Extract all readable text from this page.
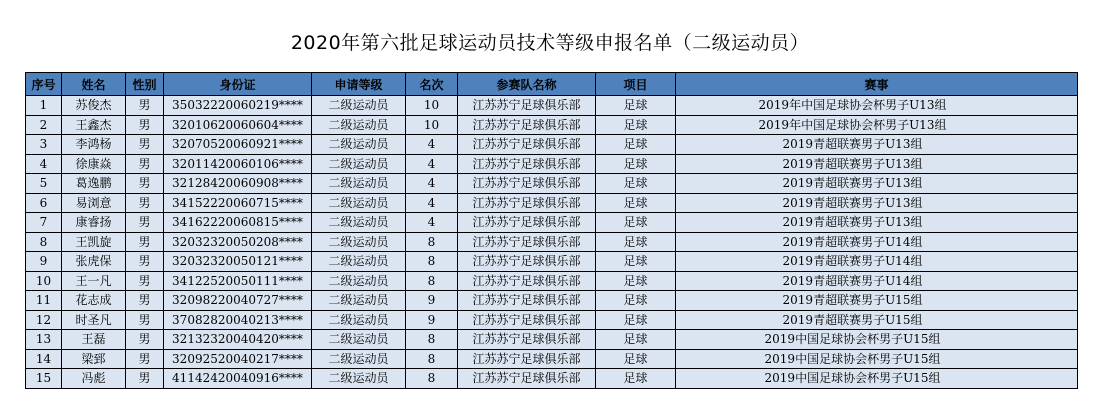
2020年第六批足球运动员技术等级申报名单（二级运动员）
序号	姓名	性别	身份证	申请等级	名次	参赛队名称	项目	赛事
1	苏俊杰	男	35032220060219****	二级运动员	10	江苏苏宁足球俱乐部	足球	2019年中国足球协会杯男子U13组
2	王鑫杰	男	32010620060604****	二级运动员	10	江苏苏宁足球俱乐部	足球	2019年中国足球协会杯男子U13组
3	李鸿杨	男	32070520060921****	二级运动员	4	江苏苏宁足球俱乐部	足球	2019青超联赛男子U13组
4	徐康焱	男	32011420060106****	二级运动员	4	江苏苏宁足球俱乐部	足球	2019青超联赛男子U13组
5	葛逸鹏	男	32128420060908****	二级运动员	4	江苏苏宁足球俱乐部	足球	2019青超联赛男子U13组
6	易浏意	男	34152220060715****	二级运动员	4	江苏苏宁足球俱乐部	足球	2019青超联赛男子U13组
7	康睿扬	男	34162220060815****	二级运动员	4	江苏苏宁足球俱乐部	足球	2019青超联赛男子U13组
8	王凯旋	男	32032320050208****	二级运动员	8	江苏苏宁足球俱乐部	足球	2019青超联赛男子U14组
9	张虎保	男	32032320050121****	二级运动员	8	江苏苏宁足球俱乐部	足球	2019青超联赛男子U14组
10	王一凡	男	34122520050111****	二级运动员	8	江苏苏宁足球俱乐部	足球	2019青超联赛男子U14组
11	花志成	男	32098220040727****	二级运动员	9	江苏苏宁足球俱乐部	足球	2019青超联赛男子U15组
12	时圣凡	男	37082820040213****	二级运动员	9	江苏苏宁足球俱乐部	足球	2019青超联赛男子U15组
13	王磊	男	32132320040420****	二级运动员	8	江苏苏宁足球俱乐部	足球	2019中国足球协会杯男子U15组
14	梁郅	男	32092520040217****	二级运动员	8	江苏苏宁足球俱乐部	足球	2019中国足球协会杯男子U15组
15	冯彪	男	41142420040916****	二级运动员	8	江苏苏宁足球俱乐部	足球	2019中国足球协会杯男子U15组
